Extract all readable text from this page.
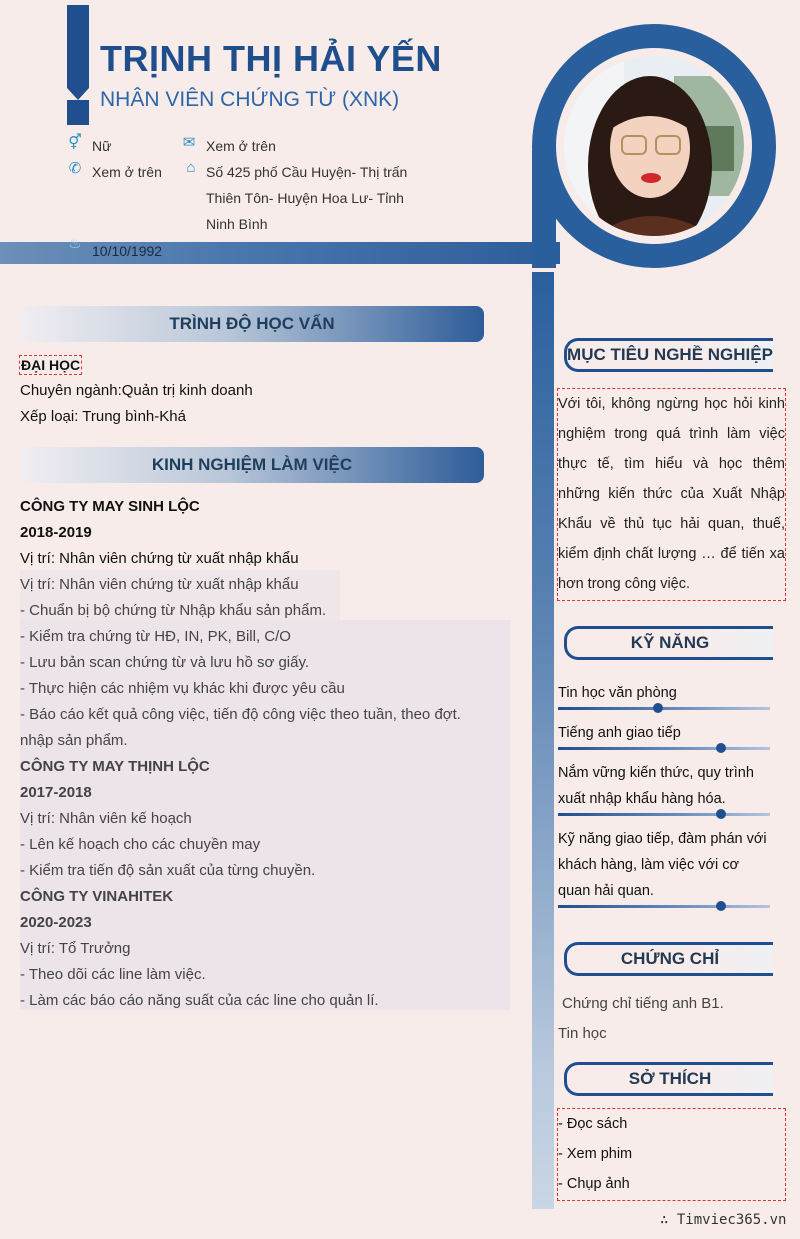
TRỊNH THỊ HẢI YẾN
NHÂN VIÊN CHỨNG TỪ (XNK)
⚥ Nữ
✆ Xem ở trên
✉ Xem ở trên
⌂ Số 425 phố Cầu Huyện- Thị trấn
Thiên Tôn- Huyện Hoa Lư- Tỉnh
Ninh Bình
♨ 10/10/1992
TRÌNH ĐỘ HỌC VẤN
ĐẠI HỌC
Chuyên ngành:Quản trị kinh doanh
Xếp loại: Trung bình-Khá
KINH NGHIỆM LÀM VIỆC
CÔNG TY MAY SINH LỘC
2018-2019
Vị trí: Nhân viên chứng từ xuất nhập khẩu
Vị trí: Nhân viên chứng từ xuất nhập khẩu
- Chuẩn bị bộ chứng từ Nhập khẩu sản phẩm.
- Kiểm tra chứng từ HĐ, IN, PK, Bill, C/O
- Lưu bản scan chứng từ và lưu hồ sơ giấy.
- Thực hiện các nhiệm vụ khác khi được yêu cầu
- Báo cáo kết quả công việc, tiến độ công việc theo tuần, theo đợt.
nhập sản phẩm.
CÔNG TY MAY THỊNH LỘC
2017-2018
Vị trí: Nhân viên kế hoạch
- Lên kế hoạch cho các chuyền may
- Kiểm tra tiến độ sản xuất của từng chuyền.
CÔNG TY VINAHITEK
2020-2023
Vị trí: Tổ Trưởng
- Theo dõi các line làm việc.
- Làm các báo cáo năng suất của các line cho quản lí.
MỤC TIÊU NGHỀ NGHIỆP
Với tôi, không ngừng học hỏi kinh nghiệm trong quá trình làm việc thực tế, tìm hiểu và học thêm những kiến thức của Xuất Nhập Khẩu về thủ tục hải quan, thuế, kiểm định chất lượng … để tiến xa hơn trong công việc.
KỸ NĂNG
Tin học văn phòng
Tiếng anh giao tiếp
Nắm vững kiến thức, quy trình
xuất nhập khẩu hàng hóa.
Kỹ năng giao tiếp, đàm phán với
khách hàng, làm việc với cơ
quan hải quan.
CHỨNG CHỈ
Chứng chỉ tiếng anh B1.
Tin học
SỞ THÍCH
- Đọc sách
- Xem phim
- Chụp ảnh
∴ Timviec365.vn
